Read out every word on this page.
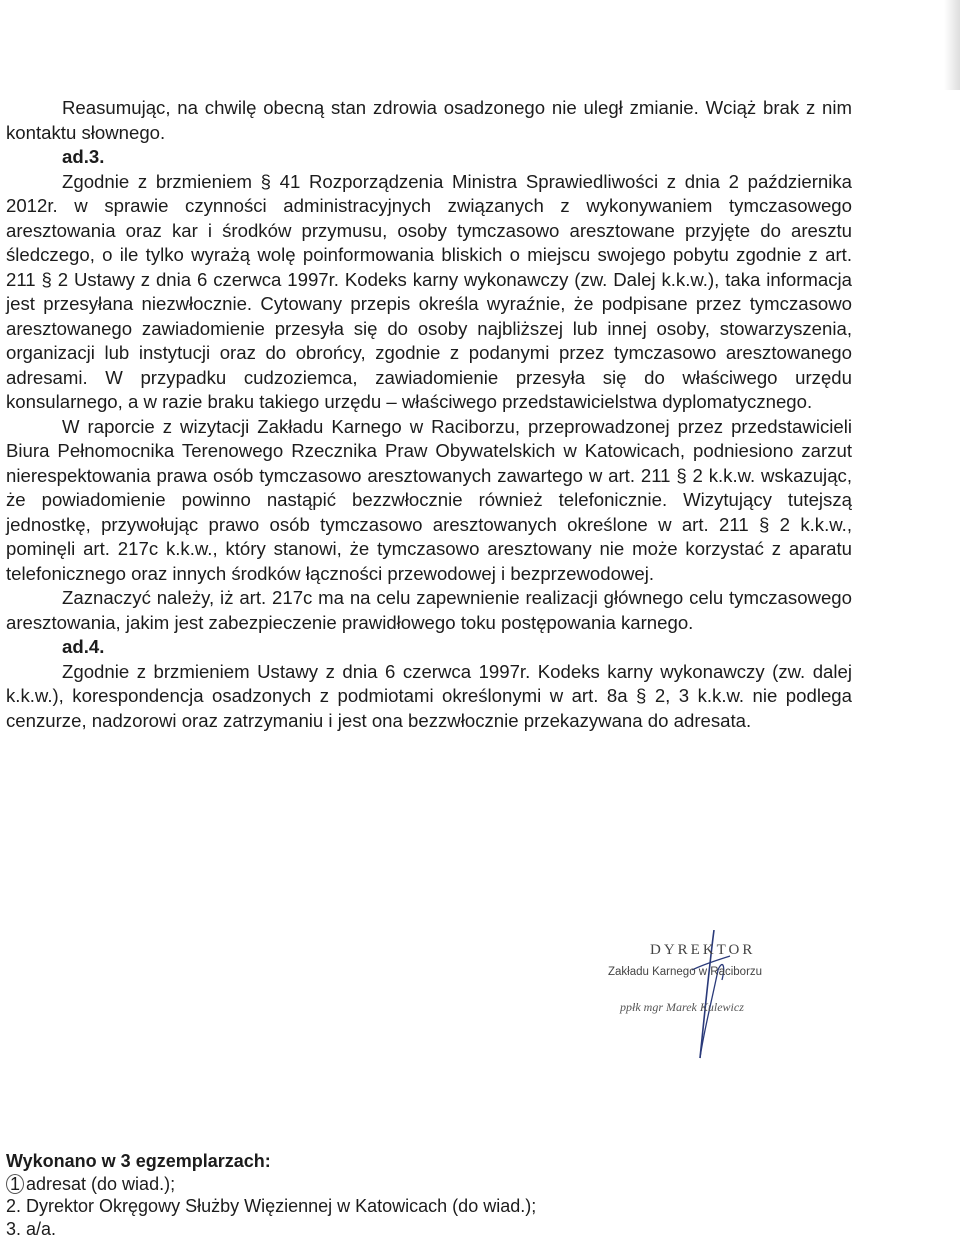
Reasumując, na chwilę obecną stan zdrowia osadzonego nie uległ zmianie. Wciąż brak z nim kontaktu słownego.

ad.3.

Zgodnie z brzmieniem § 41 Rozporządzenia Ministra Sprawiedliwości z dnia 2 października 2012r. w sprawie czynności administracyjnych związanych z wykonywaniem tymczasowego aresztowania oraz kar i środków przymusu, osoby tymczasowo aresztowane przyjęte do aresztu śledczego, o ile tylko wyrażą wolę poinformowania bliskich o miejscu swojego pobytu zgodnie z art. 211 § 2 Ustawy z dnia 6 czerwca 1997r. Kodeks karny wykonawczy (zw. Dalej k.k.w.), taka informacja jest przesyłana niezwłocznie. Cytowany przepis określa wyraźnie, że podpisane przez tymczasowo aresztowanego zawiadomienie przesyła się do osoby najbliższej lub innej osoby, stowarzyszenia, organizacji lub instytucji oraz do obrońcy, zgodnie z podanymi przez tymczasowo aresztowanego adresami. W przypadku cudzoziemca, zawiadomienie przesyła się do właściwego urzędu konsularnego, a w razie braku takiego urzędu – właściwego przedstawicielstwa dyplomatycznego.

W raporcie z wizytacji Zakładu Karnego w Raciborzu, przeprowadzonej przez przedstawicieli Biura Pełnomocnika Terenowego Rzecznika Praw Obywatelskich w Katowicach, podniesiono zarzut nierespektowania prawa osób tymczasowo aresztowanych zawartego w art. 211 § 2 k.k.w. wskazując, że powiadomienie powinno nastąpić bezzwłocznie również telefonicznie. Wizytujący tutejszą jednostkę, przywołując prawo osób tymczasowo aresztowanych określone w art. 211 § 2 k.k.w., pominęli art. 217c k.k.w., który stanowi, że tymczasowo aresztowany nie może korzystać z aparatu telefonicznego oraz innych środków łączności przewodowej i bezprzewodowej.

Zaznaczyć należy, iż art. 217c ma na celu zapewnienie realizacji głównego celu tymczasowego aresztowania, jakim jest zabezpieczenie prawidłowego toku postępowania karnego.

ad.4.

Zgodnie z brzmieniem Ustawy z dnia 6 czerwca 1997r. Kodeks karny wykonawczy (zw. dalej k.k.w.), korespondencja osadzonych z podmiotami określonymi w art. 8a § 2, 3 k.k.w. nie podlega cenzurze, nadzorowi oraz zatrzymaniu i jest ona bezzwłocznie przekazywana do adresata.

DYREKTOR
Zakładu Karnego w Raciborzu
ppłk mgr Marek Kulewicz
Wykonano w 3 egzemplarzach:

1 adresat (do wiad.);

2. Dyrektor Okręgowy Służby Więziennej w Katowicach (do wiad.);

3. a/a.
